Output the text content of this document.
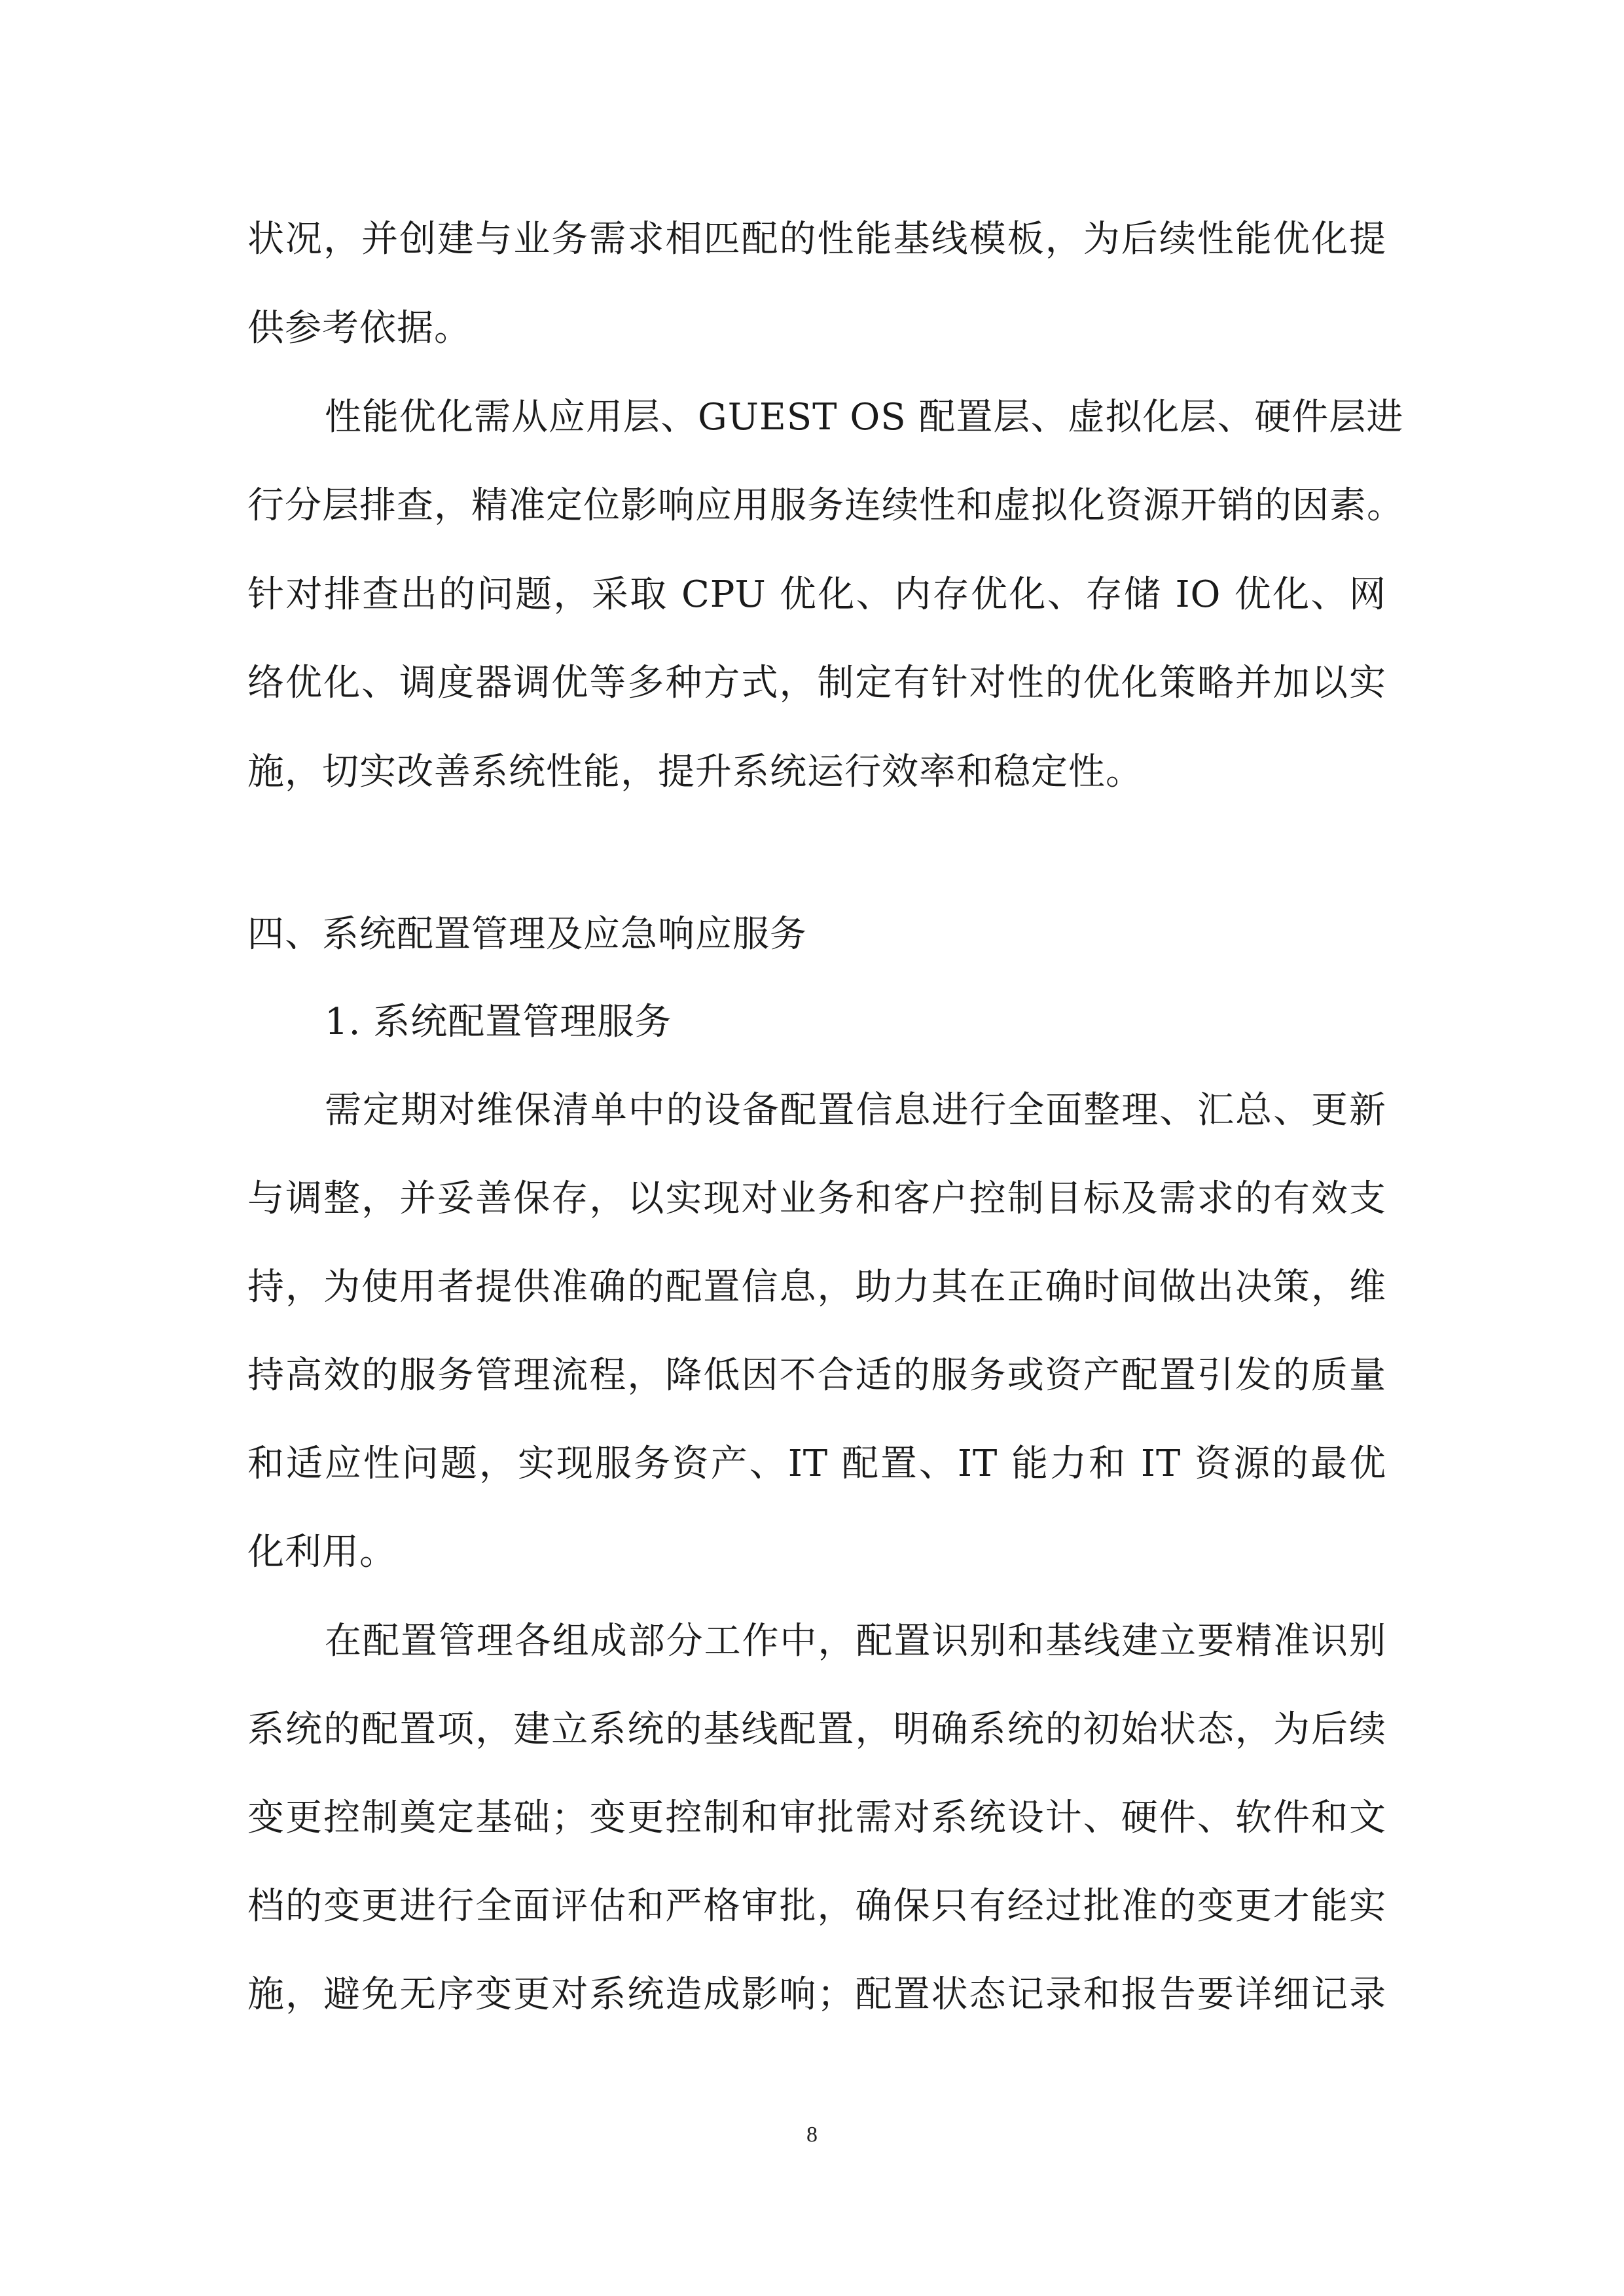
状况，并创建与业务需求相匹配的性能基线模板，为后续性能优化提
供参考依据。
性能优化需从应用层、GUEST OS 配置层、虚拟化层、硬件层进
行分层排查，精准定位影响应用服务连续性和虚拟化资源开销的因素。
针对排查出的问题，采取 CPU 优化、内存优化、存储 IO 优化、网
络优化、调度器调优等多种方式，制定有针对性的优化策略并加以实
施，切实改善系统性能，提升系统运行效率和稳定性。
四、系统配置管理及应急响应服务
1. 系统配置管理服务
需定期对维保清单中的设备配置信息进行全面整理、汇总、更新
与调整，并妥善保存，以实现对业务和客户控制目标及需求的有效支
持，为使用者提供准确的配置信息，助力其在正确时间做出决策，维
持高效的服务管理流程，降低因不合适的服务或资产配置引发的质量
和适应性问题，实现服务资产、IT 配置、IT 能力和 IT 资源的最优
化利用。
在配置管理各组成部分工作中，配置识别和基线建立要精准识别
系统的配置项，建立系统的基线配置，明确系统的初始状态，为后续
变更控制奠定基础；变更控制和审批需对系统设计、硬件、软件和文
档的变更进行全面评估和严格审批，确保只有经过批准的变更才能实
施，避免无序变更对系统造成影响；配置状态记录和报告要详细记录
8
